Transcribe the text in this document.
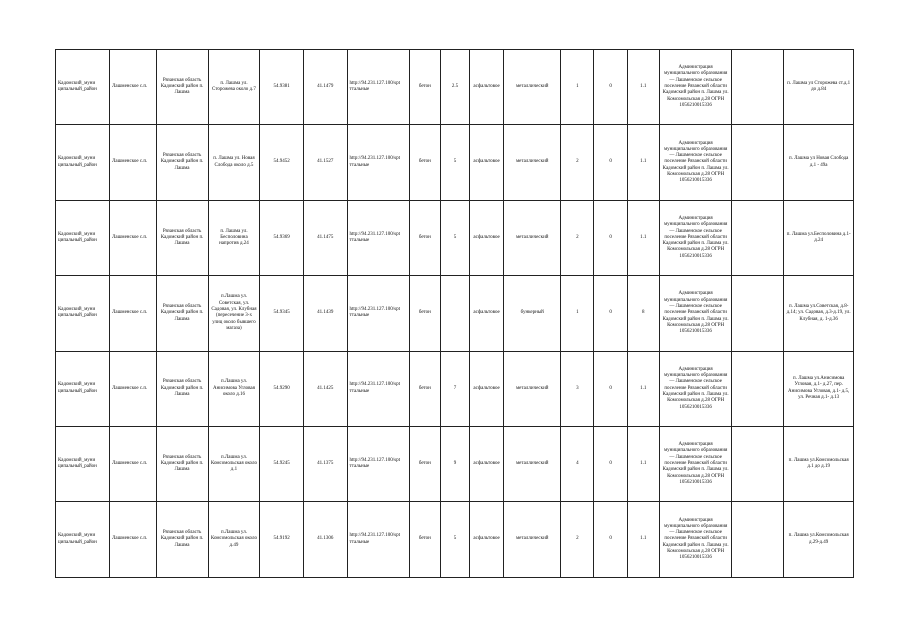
Кадомский_муни ципальный_район	Лашменское с.п.	Рязанская область Кадомский район п. Лашма	п. Лашма ул. Сторожева около д.7	54.9381	41.1479	http://94.231.127.100/spt ттальные	бетон	2.5	асфальтовое	металлический	1	0	1.1	Администрация муниципального образования — Лашменское сельское поселение Рязанской области Кадомский район п. Лашма ул. Комсомольская д.28 ОГРН 1056210015336		п. Лашма ул Сторожева ст.д.1 до д.84
Кадомский_муни ципальный_район	Лашменское с.п.	Рязанская область Кадомский район п. Лашма	п. Лашма ул. Новая Слобода около д.5	54.9452	41.1527	http://94.231.127.100/spt ттальные	бетон	5	асфальтовое	металлический	2	0	1.1	Администрация муниципального образования — Лашменское сельское поселение Рязанской области Кадомский район п. Лашма ул. Комсомольская д.28 ОГРН 1056210015336		п. Лашма ул Новая Слобода д.1 - 49а
Кадомский_муни ципальный_район	Лашменское с.п.	Рязанская область Кадомский район п. Лашма	п. Лашма ул. Бесполовина напротив д.24	54.9369	41.1475	http://94.231.127.100/spt ттальные	бетон	5	асфальтовое	металлический	2	0	1.1	Администрация муниципального образования — Лашменское сельское поселение Рязанской области Кадомский район п. Лашма ул. Комсомольская д.28 ОГРН 1056210015336		п. Лашма ул.Бесполовина д.1- д.24
Кадомский_муни ципальный_район	Лашменское с.п.	Рязанская область Кадомский район п. Лашма	п.Лашма ул. Советская, ул. Садовая, ул. Клубная (пересечение 3-х улиц около бывшего магаза)	54.9345	41.1439	http://94.231.127.100/spt ттальные	бетон		асфальтовое	бункерный	1	0	8	Администрация муниципального образования — Лашменское сельское поселение Рязанской области Кадомский район п. Лашма ул. Комсомольская д.28 ОГРН 1056210015336		п. Лашма ул.Советская, д.8- д.14; ул. Садовая, д.3-д.19, ул. Клубная, д. 1-д.36
Кадомский_муни ципальный_район	Лашменское с.п.	Рязанская область Кадомский район п. Лашма	п.Лашма ул. Анисимова Угловая около д.16	54.9290	41.1425	http://94.231.127.100/spt ттальные	бетон	7	асфальтовое	металлический	3	0	1.1	Администрация муниципального образования — Лашменское сельское поселение Рязанской области Кадомский район п. Лашма ул. Комсомольская д.28 ОГРН 1056210015336		п. Лашма ул.Анисимова Угловая, д.1- д.27, пер. Анисимова Угловая, д.1- д.5, ул. Речная д.1- д.13
Кадомский_муни ципальный_район	Лашменское с.п.	Рязанская область Кадомский район п. Лашма	п.Лашма ул. Комсомольская около д.1	54.9245	41.1375	http://94.231.127.100/spt ттальные	бетон	9	асфальтовое	металлический	4	0	1.1	Администрация муниципального образования — Лашменское сельское поселение Рязанской области Кадомский район п. Лашма ул. Комсомольская д.28 ОГРН 1056210015336		п. Лашма ул.Комсомольская д.1 до д.19
Кадомский_муни ципальный_район	Лашменское с.п.	Рязанская область Кадомский район п. Лашма	п.Лашма ул. Комсомольская около д.49	54.9192	41.1306	http://94.231.127.100/spt ттальные	бетон	5	асфальтовое	металлический	2	0	1.1	Администрация муниципального образования — Лашменское сельское поселение Рязанской области Кадомский район п. Лашма ул. Комсомольская д.28 ОГРН 1056210015336		п. Лашма ул.Комсомольская д.29-д.49
